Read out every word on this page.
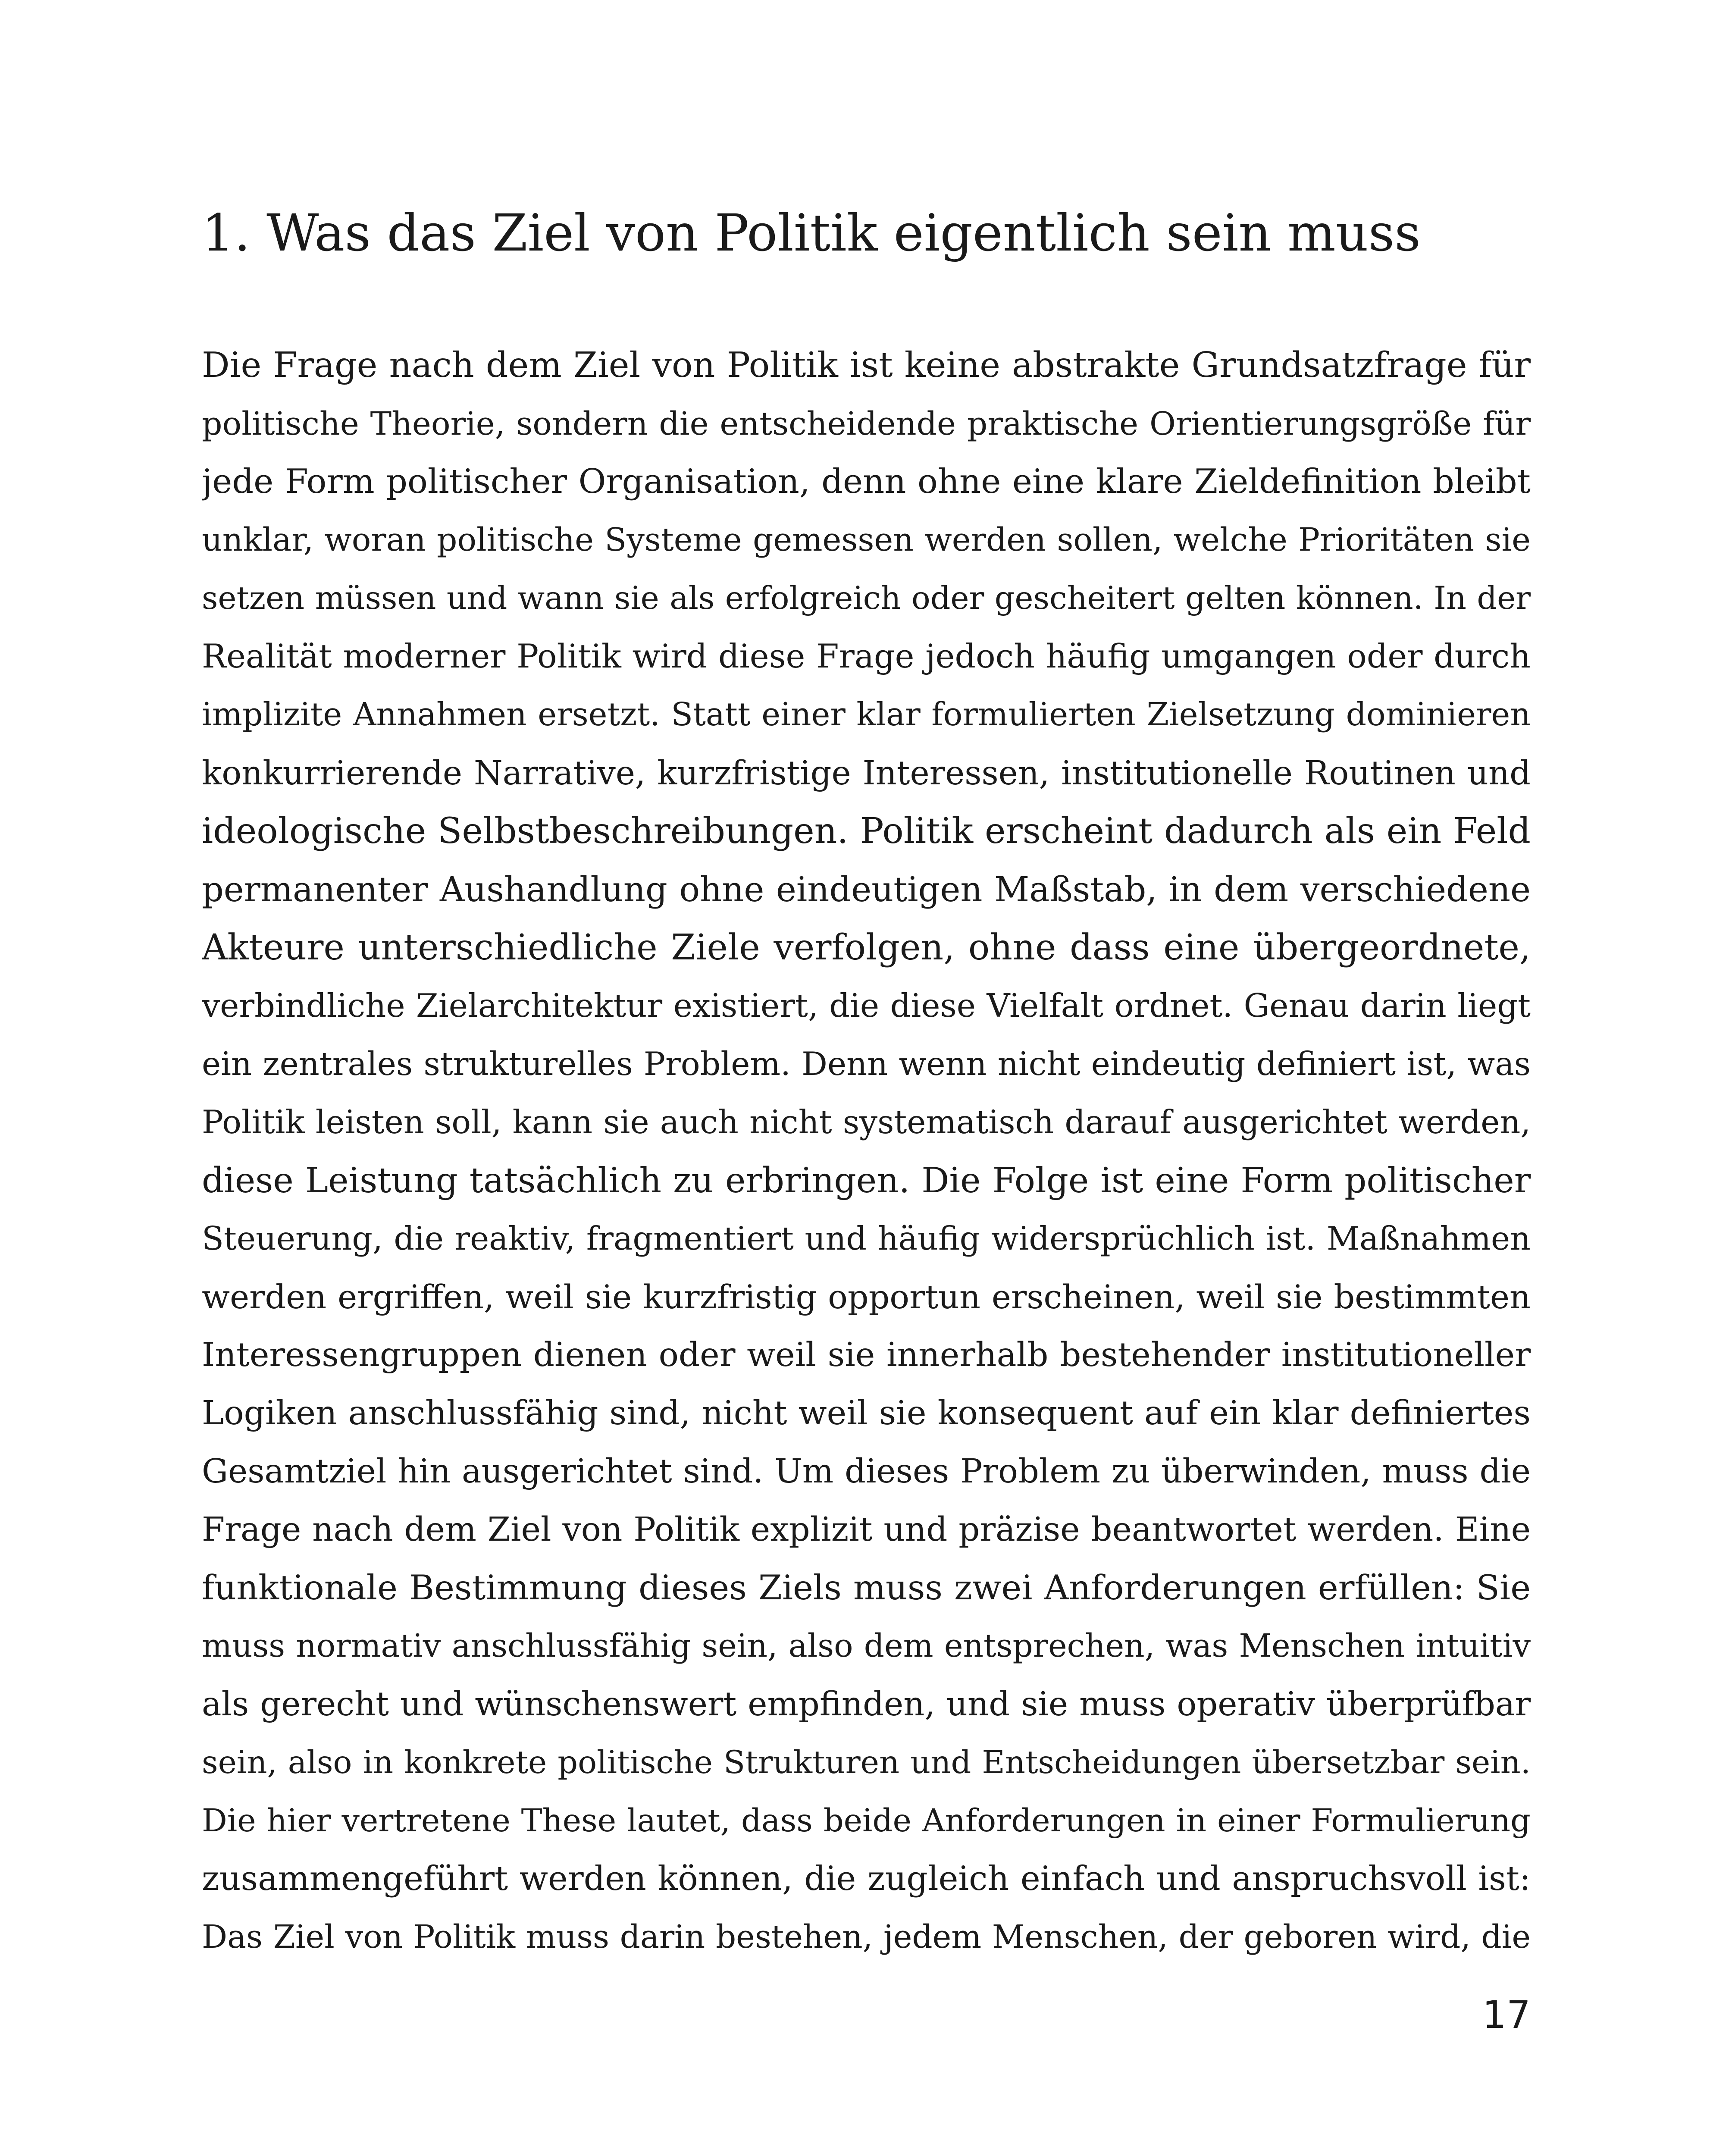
1. Was das Ziel von Politik eigentlich sein muss
Die Frage nach dem Ziel von Politik ist keine abstrakte Grundsatzfrage für
politische Theorie, sondern die entscheidende praktische Orientierungsgröße für
jede Form politischer Organisation, denn ohne eine klare Zieldefinition bleibt
unklar, woran politische Systeme gemessen werden sollen, welche Prioritäten sie
setzen müssen und wann sie als erfolgreich oder gescheitert gelten können. In der
Realität moderner Politik wird diese Frage jedoch häufig umgangen oder durch
implizite Annahmen ersetzt. Statt einer klar formulierten Zielsetzung dominieren
konkurrierende Narrative, kurzfristige Interessen, institutionelle Routinen und
ideologische Selbstbeschreibungen. Politik erscheint dadurch als ein Feld
permanenter Aushandlung ohne eindeutigen Maßstab, in dem verschiedene
Akteure unterschiedliche Ziele verfolgen, ohne dass eine übergeordnete,
verbindliche Zielarchitektur existiert, die diese Vielfalt ordnet. Genau darin liegt
ein zentrales strukturelles Problem. Denn wenn nicht eindeutig definiert ist, was
Politik leisten soll, kann sie auch nicht systematisch darauf ausgerichtet werden,
diese Leistung tatsächlich zu erbringen. Die Folge ist eine Form politischer
Steuerung, die reaktiv, fragmentiert und häufig widersprüchlich ist. Maßnahmen
werden ergriffen, weil sie kurzfristig opportun erscheinen, weil sie bestimmten
Interessengruppen dienen oder weil sie innerhalb bestehender institutioneller
Logiken anschlussfähig sind, nicht weil sie konsequent auf ein klar definiertes
Gesamtziel hin ausgerichtet sind. Um dieses Problem zu überwinden, muss die
Frage nach dem Ziel von Politik explizit und präzise beantwortet werden. Eine
funktionale Bestimmung dieses Ziels muss zwei Anforderungen erfüllen: Sie
muss normativ anschlussfähig sein, also dem entsprechen, was Menschen intuitiv
als gerecht und wünschenswert empfinden, und sie muss operativ überprüfbar
sein, also in konkrete politische Strukturen und Entscheidungen übersetzbar sein.
Die hier vertretene These lautet, dass beide Anforderungen in einer Formulierung
zusammengeführt werden können, die zugleich einfach und anspruchsvoll ist:
Das Ziel von Politik muss darin bestehen, jedem Menschen, der geboren wird, die
17
